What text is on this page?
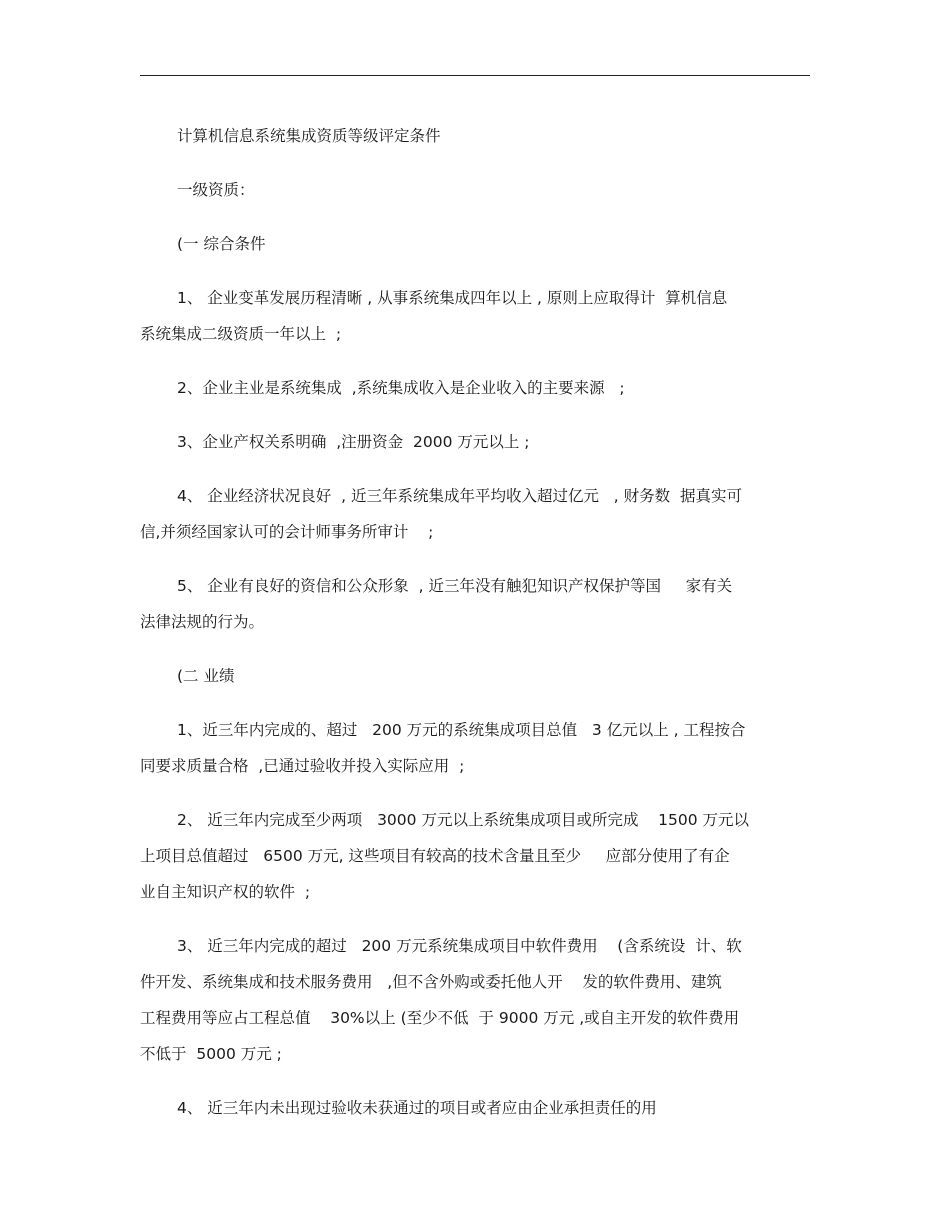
计算机信息系统集成资质等级评定条件

一级资质：

(一 综合条件

1、 企业变革发展历程清晰 , 从事系统集成四年以上 , 原则上应取得计  算机信息

系统集成二级资质一年以上  ;

2、企业主业是系统集成  ,系统集成收入是企业收入的主要来源   ;

3、企业产权关系明确  ,注册资金  2000 万元以上 ;

4、 企业经济状况良好  , 近三年系统集成年平均收入超过亿元   , 财务数  据真实可

信,并须经国家认可的会计师事务所审计    ;

5、 企业有良好的资信和公众形象  , 近三年没有触犯知识产权保护等国     家有关

法律法规的行为。

(二 业绩

1、近三年内完成的、超过   200 万元的系统集成项目总值   3 亿元以上 , 工程按合

同要求质量合格  ,已通过验收并投入实际应用  ;

2、 近三年内完成至少两项   3000 万元以上系统集成项目或所完成    1500 万元以

上项目总值超过   6500 万元, 这些项目有较高的技术含量且至少     应部分使用了有企

业自主知识产权的软件  ;

3、 近三年内完成的超过   200 万元系统集成项目中软件费用    (含系统设  计、软

件开发、系统集成和技术服务费用   ,但不含外购或委托他人开    发的软件费用、建筑

工程费用等应占工程总值    30%以上 (至少不低  于 9000 万元 ,或自主开发的软件费用

不低于  5000 万元 ;

4、 近三年内未出现过验收未获通过的项目或者应由企业承担责任的用
